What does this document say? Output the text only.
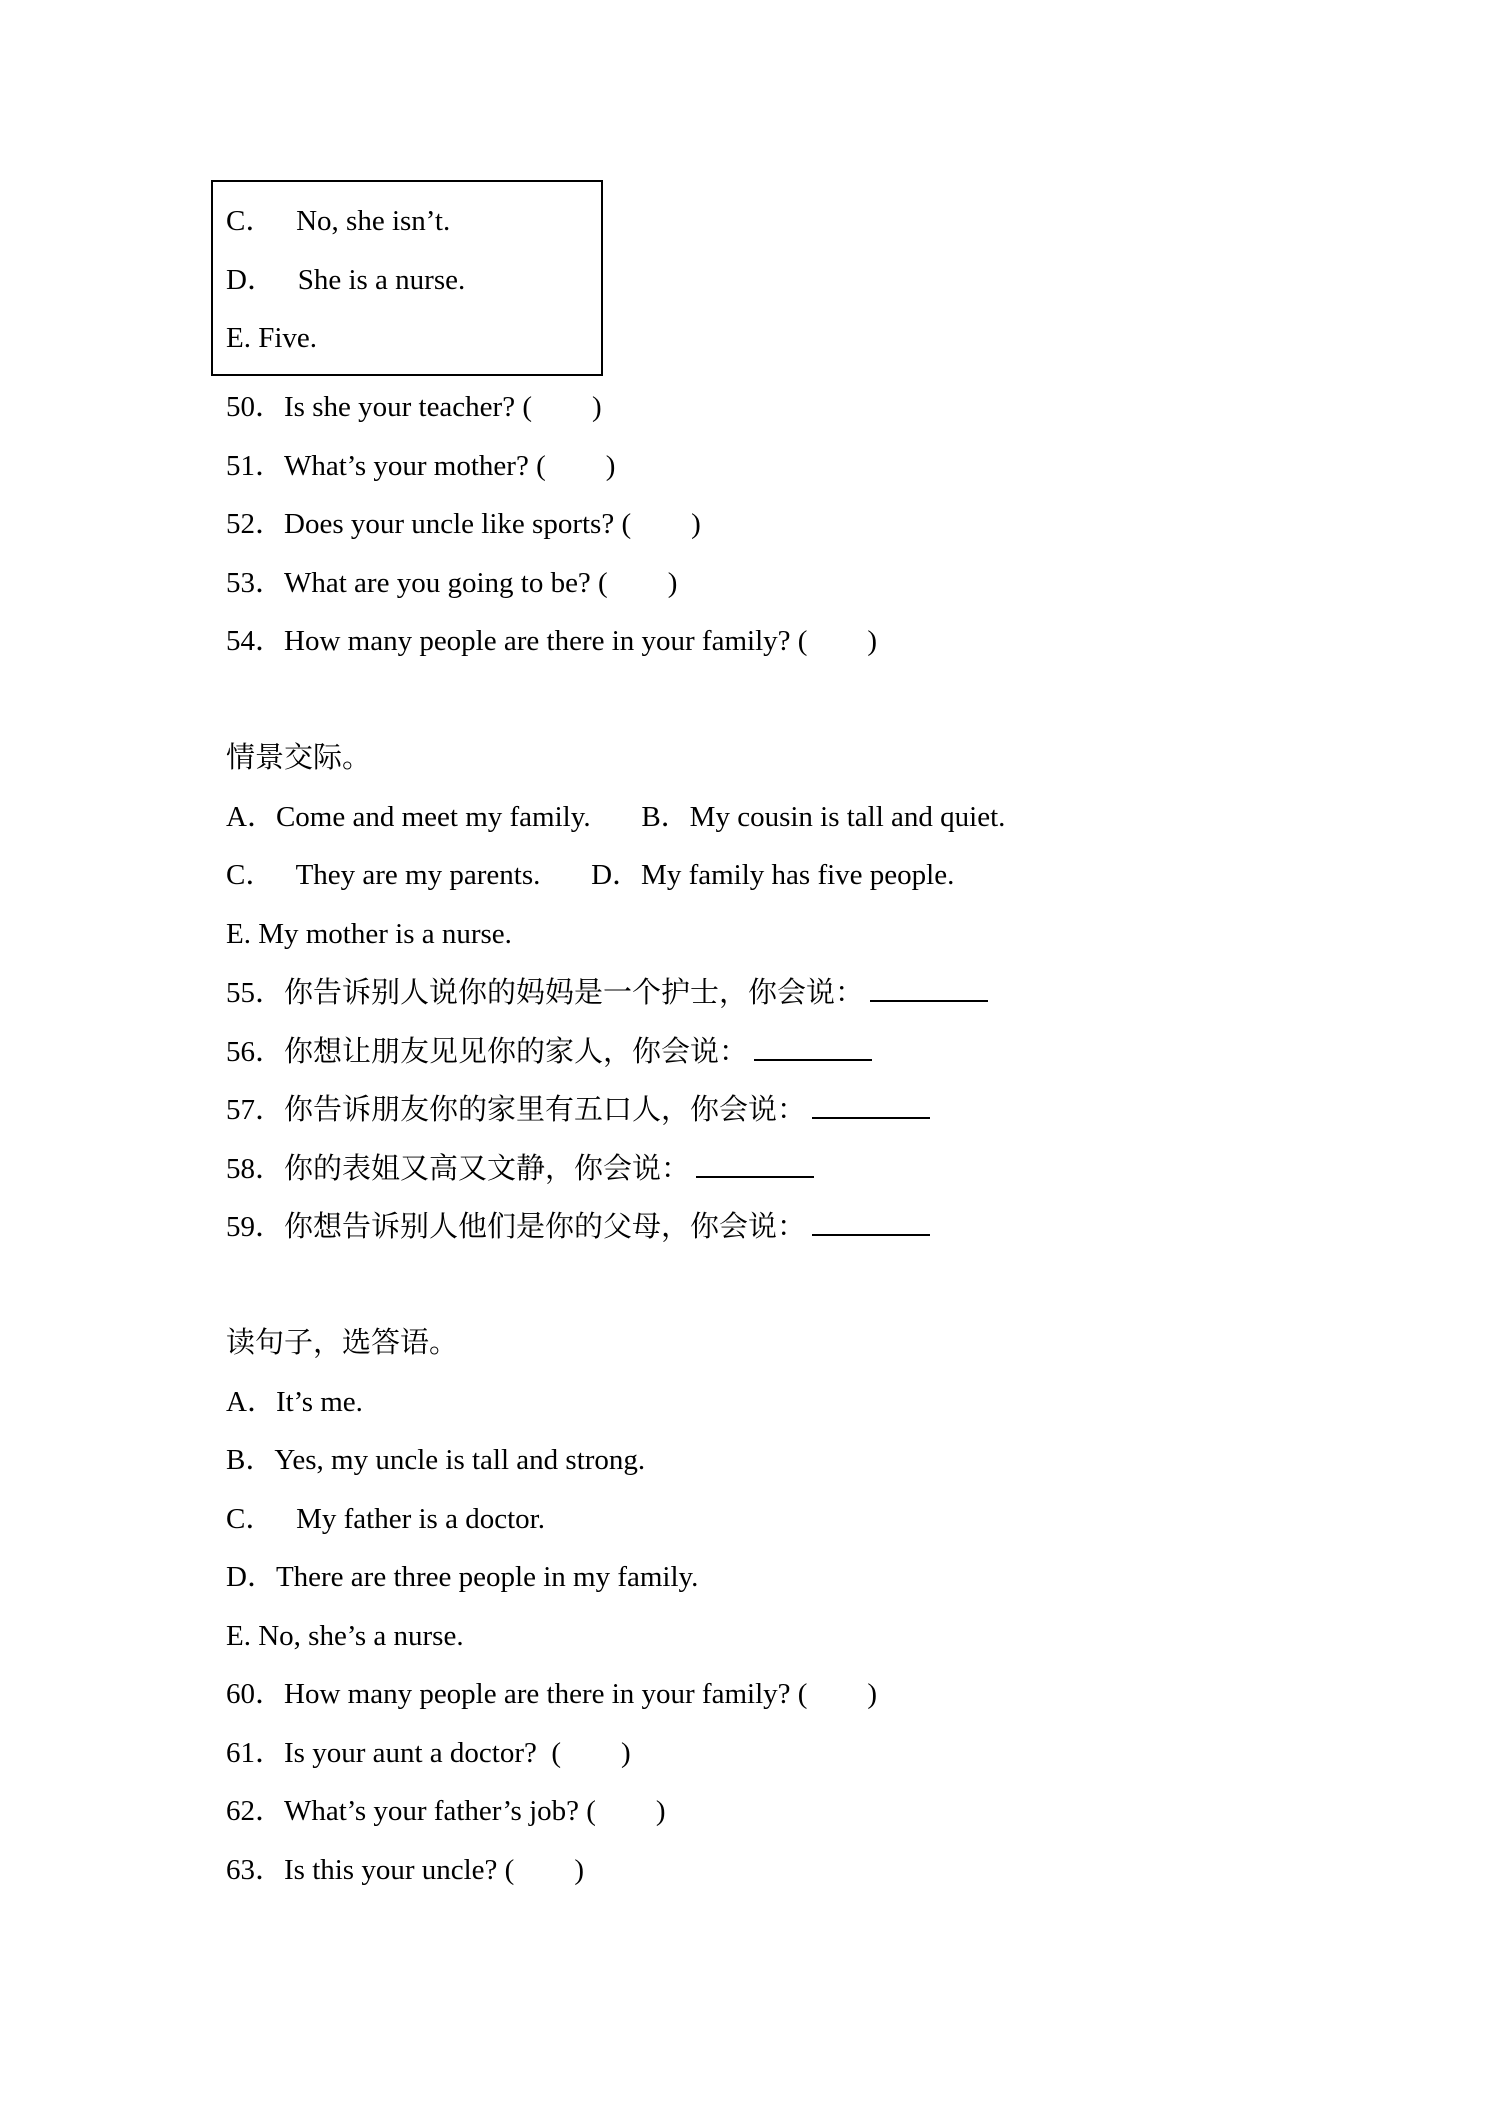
C．   No, she isn’t.
D．   She is a nurse.
E. Five.
50．Is she your teacher? ( )
51．What’s your mother? ( )
52．Does your uncle like sports? ( )
53．What are you going to be? ( )
54．How many people are there in your family? ( )
情景交际。
A．Come and meet my family.       B．My cousin is tall and quiet.
C．   They are my parents.       D．My family has five people.
E. My mother is a nurse.
55．你告诉别人说你的妈妈是一个护士，你会说：
56．你想让朋友见见你的家人，你会说：
57．你告诉朋友你的家里有五口人，你会说：
58．你的表姐又高又文静，你会说：
59．你想告诉别人他们是你的父母，你会说：
读句子，选答语。
A．It’s me.
B．Yes, my uncle is tall and strong.
C．   My father is a doctor.
D．There are three people in my family.
E. No, she’s a nurse.
60．How many people are there in your family? ( )
61．Is your aunt a doctor?  ( )
62．What’s your father’s job? ( )
63．Is this your uncle? ( )
